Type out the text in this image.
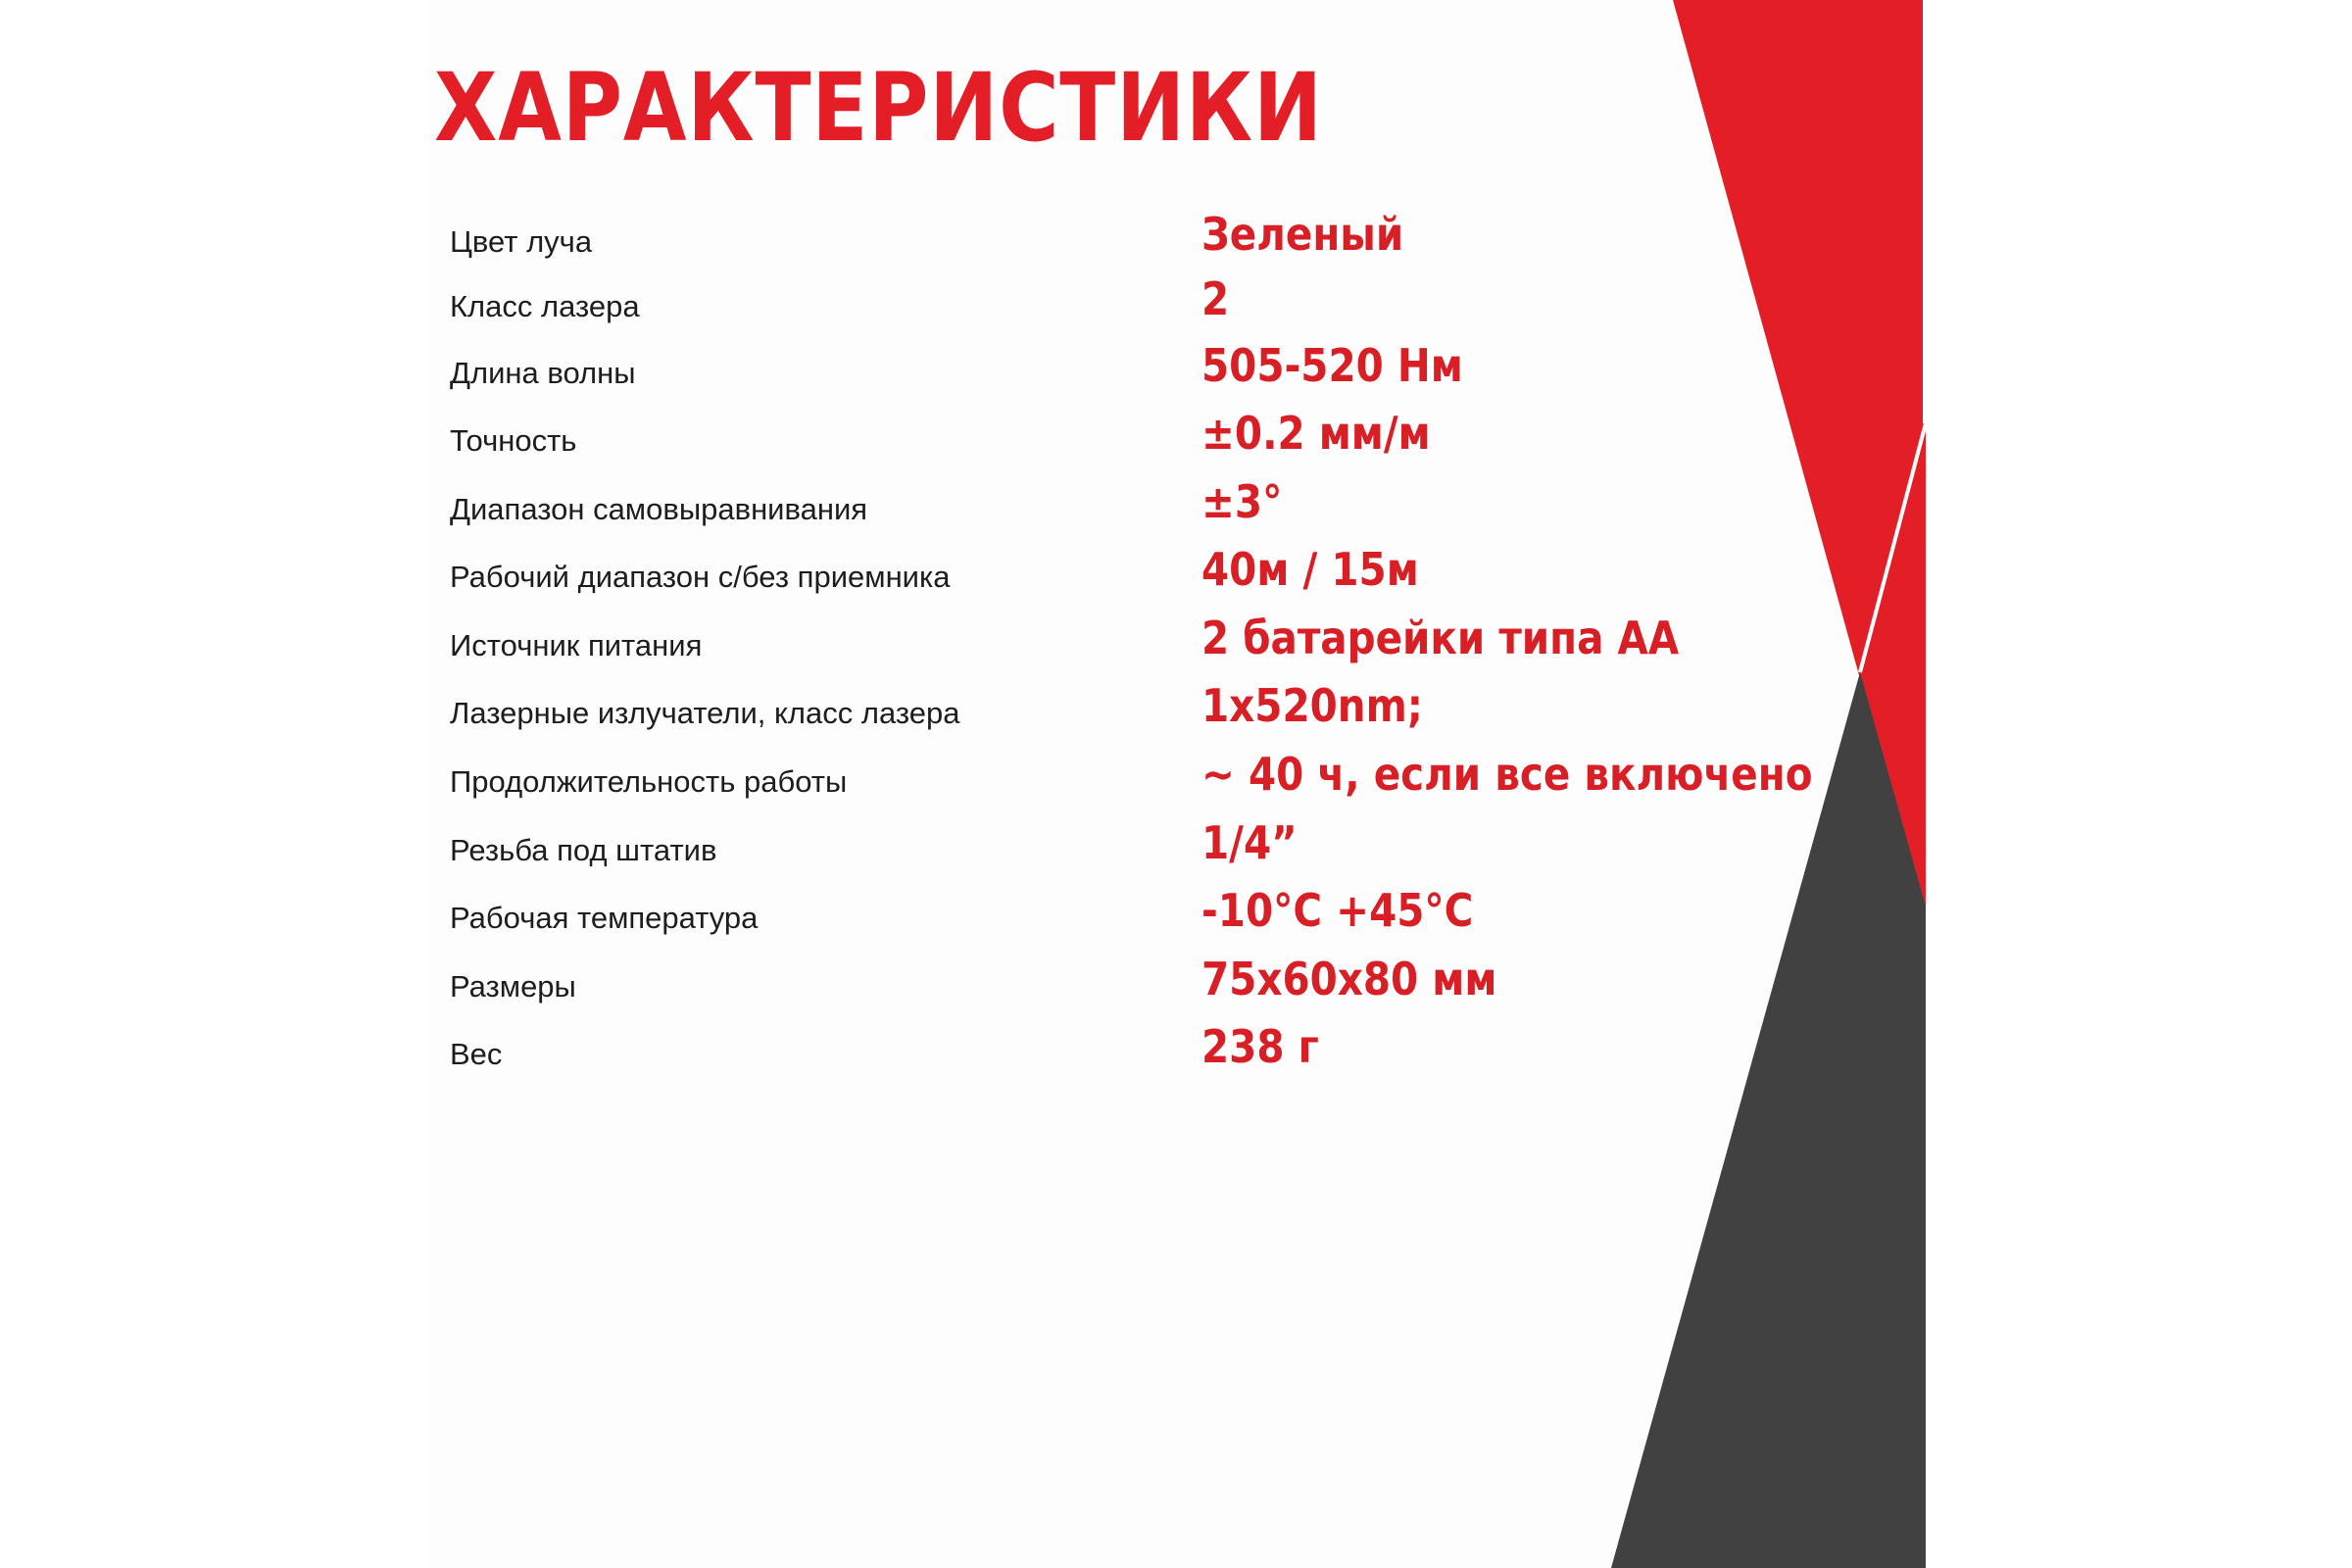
ХАРАКТЕРИСТИКИ
Цвет луча	Зеленый
Класс лазера	2
Длина волны	505-520 Нм
Точность	±0.2 мм/м
Диапазон самовыравнивания	±3°
Рабочий диапазон с/без приемника	40м / 15м
Источник питания	2 батарейки типа AA
Лазерные излучатели, класс лазера	1x520nm;
Продолжительность работы	~ 40 ч, если все включено
Резьба под штатив	1/4”
Рабочая температура	-10°C +45°C
Размеры	75x60x80 мм
Вес	238 г
